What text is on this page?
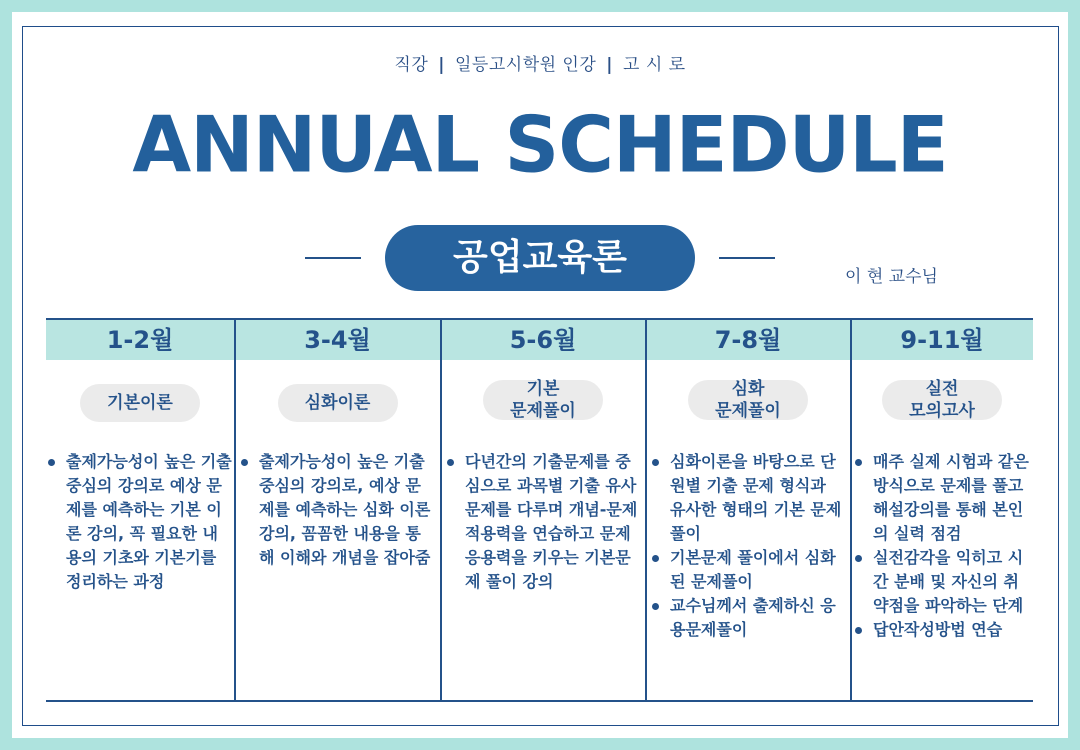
직강 | 일등고시학원 인강 | 고 시 로
ANNUAL SCHEDULE
공업교육론	이 현 교수님
1-2월
기본이론
출제가능성이 높은 기출 중심의 강의로 예상 문제를 예측하는 기본 이론 강의, 꼭 필요한 내용의 기초와 기본기를 정리하는 과정
3-4월
심화이론
출제가능성이 높은 기출 중심의 강의로, 예상 문제를 예측하는 심화 이론 강의, 꼼꼼한 내용을 통해 이해와 개념을 잡아줌
5-6월
기본
문제풀이
다년간의 기출문제를 중심으로 과목별 기출 유사문제를 다루며 개념-문제 적용력을 연습하고 문제 응용력을 키우는 기본문제 풀이 강의
7-8월
심화
문제풀이
심화이론을 바탕으로 단원별 기출 문제 형식과 유사한 형태의 기본 문제풀이
기본문제 풀이에서 심화된 문제풀이
교수님께서 출제하신 응용문제풀이
9-11월
실전
모의고사
매주 실제 시험과 같은 방식으로 문제를 풀고 해설강의를 통해 본인의 실력 점검
실전감각을 익히고 시간 분배 및 자신의 취약점을 파악하는 단계
답안작성방법 연습
